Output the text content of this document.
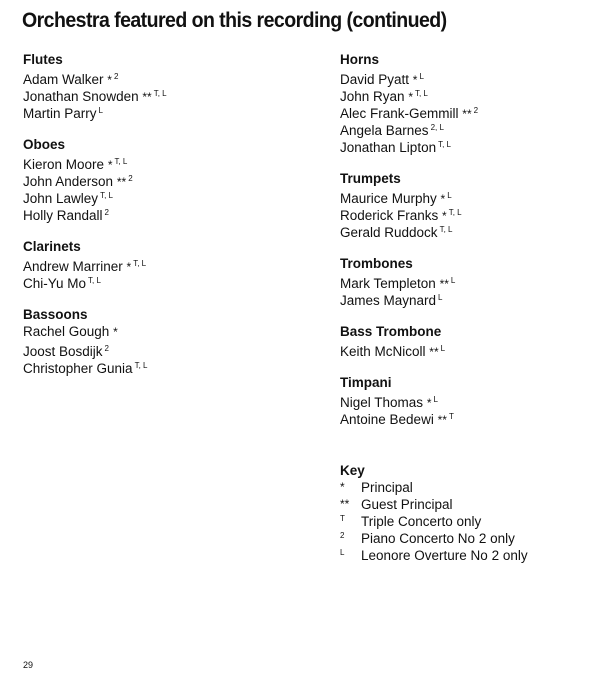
Orchestra featured on this recording (continued)
Flutes
Adam Walker * $^2$
Jonathan Snowden ** $^{T, L}$
Martin Parry $^L$
Oboes
Kieron Moore * $^{T, L}$
John Anderson ** $^2$
John Lawley $^{T, L}$
Holly Randall $^2$
Clarinets
Andrew Marriner * $^{T, L}$
Chi-Yu Mo $^{T, L}$
Bassoons
Rachel Gough *
Joost Bosdijk $^2$
Christopher Gunia $^{T, L}$
Horns
David Pyatt * $^L$
John Ryan * $^{T, L}$
Alec Frank-Gemmill ** $^2$
Angela Barnes $^{2, L}$
Jonathan Lipton $^{T, L}$
Trumpets
Maurice Murphy * $^L$
Roderick Franks * $^{T, L}$
Gerald Ruddock $^{T, L}$
Trombones
Mark Templeton ** $^L$
James Maynard $^L$
Bass Trombone
Keith McNicoll ** $^L$
Timpani
Nigel Thomas * $^L$
Antoine Bedewi ** $^T$
Key
*	Principal
** Guest Principal
T	Triple Concerto only
2	Piano Concerto No 2 only
L	Leonore Overture No 2 only
29
